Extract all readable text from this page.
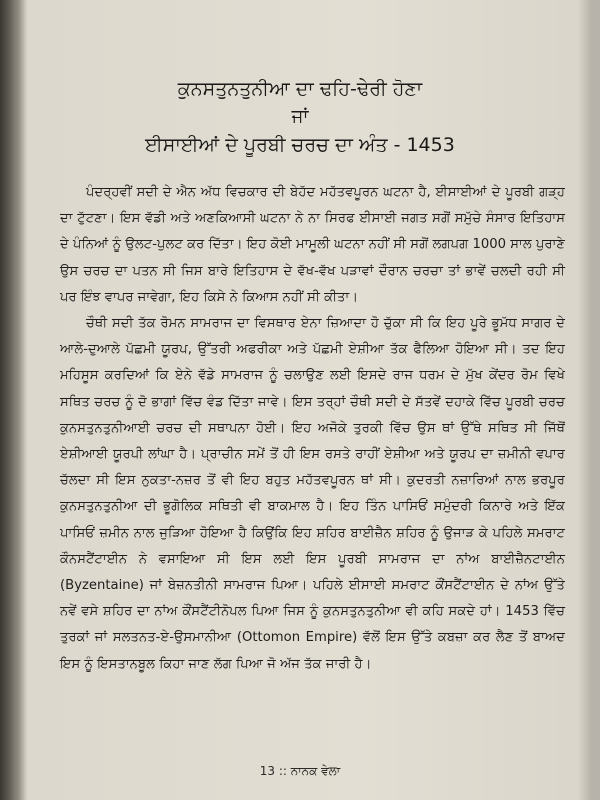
ਕੁਨਸਤੁਨਤੁਨੀਆ ਦਾ ਢਹਿ-ਢੇਰੀ ਹੋਣਾ

ਜਾਂ

ਈਸਾਈਆਂ ਦੇ ਪੂਰਬੀ ਚਰਚ ਦਾ ਅੰਤ - 1453

ਪੰਦਰ੍ਹਵੀਂ ਸਦੀ ਦੇ ਐਨ ਅੱਧ ਵਿਚਕਾਰ ਦੀ ਬੇਹੱਦ ਮਹੱਤਵਪੂਰਨ ਘਟਨਾ ਹੈ, ਈਸਾਈਆਂ ਦੇ ਪੂਰਬੀ ਗੜ੍ਹ ਦਾ ਟੁੱਟਣਾ। ਇਸ ਵੱਡੀ ਅਤੇ ਅਣਕਿਆਸੀ ਘਟਨਾ ਨੇ ਨਾ ਸਿਰਫ ਈਸਾਈ ਜਗਤ ਸਗੋਂ ਸਮੁੱਚੇ ਸੰਸਾਰ ਇਤਿਹਾਸ ਦੇ ਪੰਨਿਆਂ ਨੂੰ ਉਲਟ-ਪੁਲਟ ਕਰ ਦਿੱਤਾ। ਇਹ ਕੋਈ ਮਾਮੂਲੀ ਘਟਨਾ ਨਹੀਂ ਸੀ ਸਗੋਂ ਲਗਪਗ 1000 ਸਾਲ ਪੁਰਾਣੇ ਉਸ ਚਰਚ ਦਾ ਪਤਨ ਸੀ ਜਿਸ ਬਾਰੇ ਇਤਿਹਾਸ ਦੇ ਵੱਖ-ਵੱਖ ਪੜਾਵਾਂ ਦੌਰਾਨ ਚਰਚਾ ਤਾਂ ਭਾਵੇਂ ਚਲਦੀ ਰਹੀ ਸੀ ਪਰ ਇੰਝ ਵਾਪਰ ਜਾਵੇਗਾ, ਇਹ ਕਿਸੇ ਨੇ ਕਿਆਸ ਨਹੀਂ ਸੀ ਕੀਤਾ।

ਚੌਥੀ ਸਦੀ ਤੱਕ ਰੋਮਨ ਸਾਮਰਾਜ ਦਾ ਵਿਸਥਾਰ ਏਨਾ ਜ਼ਿਆਦਾ ਹੋ ਚੁੱਕਾ ਸੀ ਕਿ ਇਹ ਪੂਰੇ ਭੂਮੱਧ ਸਾਗਰ ਦੇ ਆਲੇ-ਦੁਆਲੇ ਪੱਛਮੀ ਯੂਰਪ, ਉੱਤਰੀ ਅਫਰੀਕਾ ਅਤੇ ਪੱਛਮੀ ਏਸ਼ੀਆ ਤੱਕ ਫੈਲਿਆ ਹੋਇਆ ਸੀ। ਤਦ ਇਹ ਮਹਿਸੂਸ ਕਰਦਿਆਂ ਕਿ ਏਨੇ ਵੱਡੇ ਸਾਮਰਾਜ ਨੂੰ ਚਲਾਉਣ ਲਈ ਇਸਦੇ ਰਾਜ ਧਰਮ ਦੇ ਮੁੱਖ ਕੇਂਦਰ ਰੋਮ ਵਿਖੇ ਸਥਿਤ ਚਰਚ ਨੂੰ ਦੋ ਭਾਗਾਂ ਵਿੱਚ ਵੰਡ ਦਿੱਤਾ ਜਾਵੇ। ਇਸ ਤਰ੍ਹਾਂ ਚੌਥੀ ਸਦੀ ਦੇ ਸੱਤਵੇਂ ਦਹਾਕੇ ਵਿੱਚ ਪੂਰਬੀ ਚਰਚ ਕੁਨਸਤੁਨਤੁਨੀਆਈ ਚਰਚ ਦੀ ਸਥਾਪਨਾ ਹੋਈ। ਇਹ ਅਜੋਕੇ ਤੁਰਕੀ ਵਿੱਚ ਉਸ ਥਾਂ ਉੱਥੇ ਸਥਿਤ ਸੀ ਜਿੱਥੋਂ ਏਸ਼ੀਆਈ ਯੂਰਪੀ ਲਾਂਘਾ ਹੈ। ਪ੍ਰਾਚੀਨ ਸਮੇਂ ਤੋਂ ਹੀ ਇਸ ਰਸਤੇ ਰਾਹੀਂ ਏਸ਼ੀਆ ਅਤੇ ਯੂਰਪ ਦਾ ਜ਼ਮੀਨੀ ਵਪਾਰ ਚੱਲਦਾ ਸੀ ਇਸ ਨੁਕਤਾ-ਨਜ਼ਰ ਤੋਂ ਵੀ ਇਹ ਬਹੁਤ ਮਹੱਤਵਪੂਰਨ ਥਾਂ ਸੀ। ਕੁਦਰਤੀ ਨਜ਼ਾਰਿਆਂ ਨਾਲ ਭਰਪੂਰ ਕੁਨਸਤੁਨਤੁਨੀਆ ਦੀ ਭੂਗੋਲਿਕ ਸਥਿਤੀ ਵੀ ਬਾਕਮਾਲ ਹੈ। ਇਹ ਤਿੰਨ ਪਾਸਿਓਂ ਸਮੁੰਦਰੀ ਕਿਨਾਰੇ ਅਤੇ ਇੱਕ ਪਾਸਿਓਂ ਜ਼ਮੀਨ ਨਾਲ ਜੁੜਿਆ ਹੋਇਆ ਹੈ ਕਿਉਂਕਿ ਇਹ ਸ਼ਹਿਰ ਬਾਈਜ਼ੈਨ ਸ਼ਹਿਰ ਨੂੰ ਉਜਾੜ ਕੇ ਪਹਿਲੇ ਸਮਰਾਟ ਕੌਨਸਟੈਂਟਾਈਨ ਨੇ ਵਸਾਇਆ ਸੀ ਇਸ ਲਈ ਇਸ ਪੂਰਬੀ ਸਾਮਰਾਜ ਦਾ ਨਾਂਅ ਬਾਈਜ਼ੈਨਟਾਈਨ (Byzentaine) ਜਾਂ ਬੇਜ਼ਨਤੀਨੀ ਸਾਮਰਾਜ ਪਿਆ। ਪਹਿਲੇ ਈਸਾਈ ਸਮਰਾਟ ਕੌਂਸਟੈਂਟਾਈਨ ਦੇ ਨਾਂਅ ਉੱਤੇ ਨਵੇਂ ਵਸੇ ਸ਼ਹਿਰ ਦਾ ਨਾਂਅ ਕੌਂਸਟੈਂਟੀਨੋਪਲ ਪਿਆ ਜਿਸ ਨੂੰ ਕੁਨਸਤੁਨਤੁਨੀਆ ਵੀ ਕਹਿ ਸਕਦੇ ਹਾਂ। 1453 ਵਿੱਚ ਤੁਰਕਾਂ ਜਾਂ ਸਲਤਨਤ-ਏ-ਉਸਮਾਨੀਆ (Ottomon Empire) ਵੱਲੋਂ ਇਸ ਉੱਤੇ ਕਬਜ਼ਾ ਕਰ ਲੈਣ ਤੋਂ ਬਾਅਦ ਇਸ ਨੂੰ ਇਸਤਾਨਬੂਲ ਕਿਹਾ ਜਾਣ ਲੱਗ ਪਿਆ ਜੋ ਅੱਜ ਤੱਕ ਜਾਰੀ ਹੈ।

13 :: ਨਾਨਕ ਵੇਲਾ
